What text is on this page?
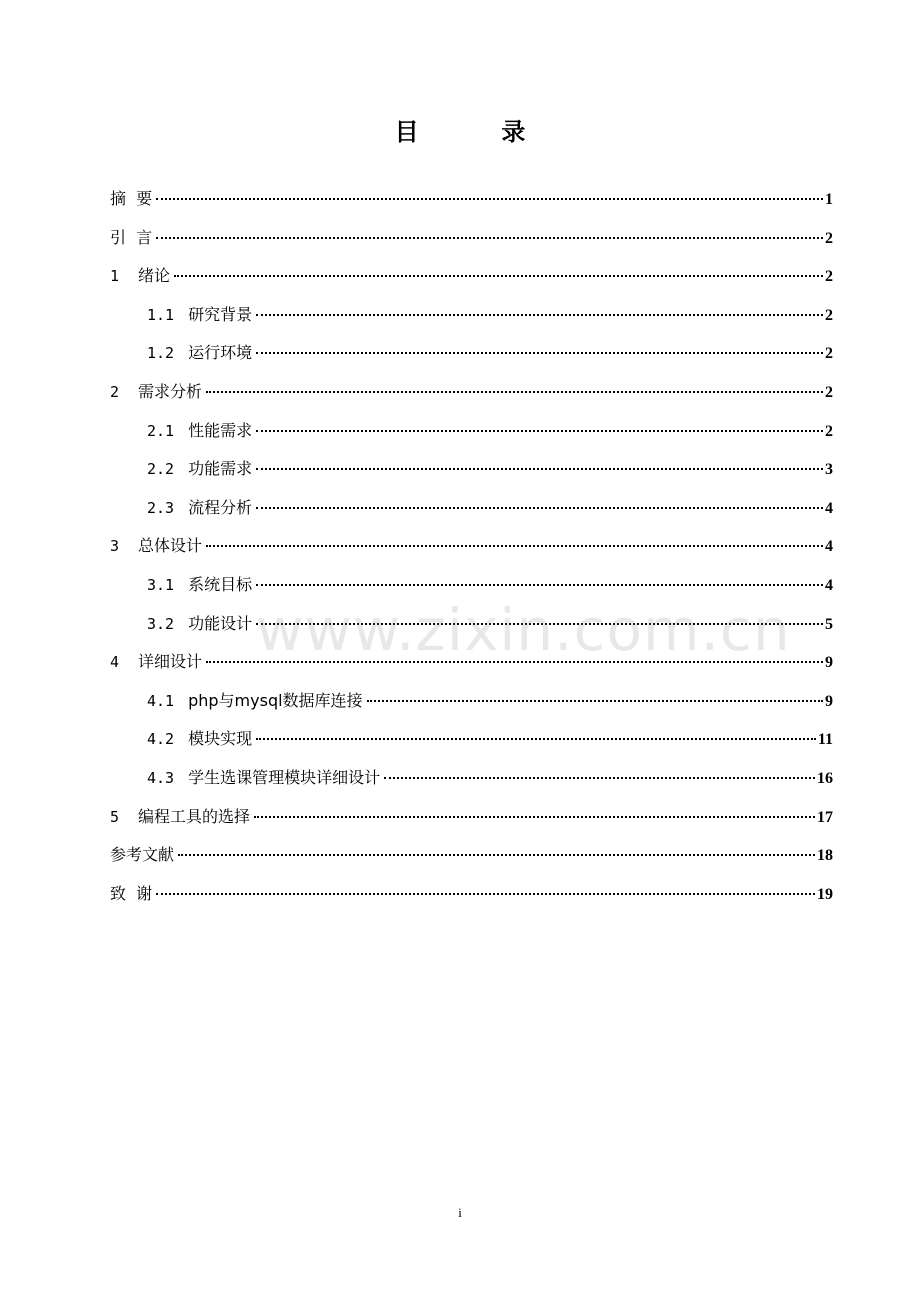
目  录
摘  要	1
引  言	2
1	绪论	2
1.1 研究背景	2
1.2 运行环境	2
2	需求分析	2
2.1 性能需求	2
2.2 功能需求	3
2.3 流程分析	4
3	总体设计	4
3.1 系统目标	4
3.2 功能设计	5
4	详细设计	9
4.1 php与mysql数据库连接	9
4.2 模块实现	11
4.3 学生选课管理模块详细设计	16
5	编程工具的选择	17
参考文献	18
致  谢	19
www.zixin.com.cn
i
